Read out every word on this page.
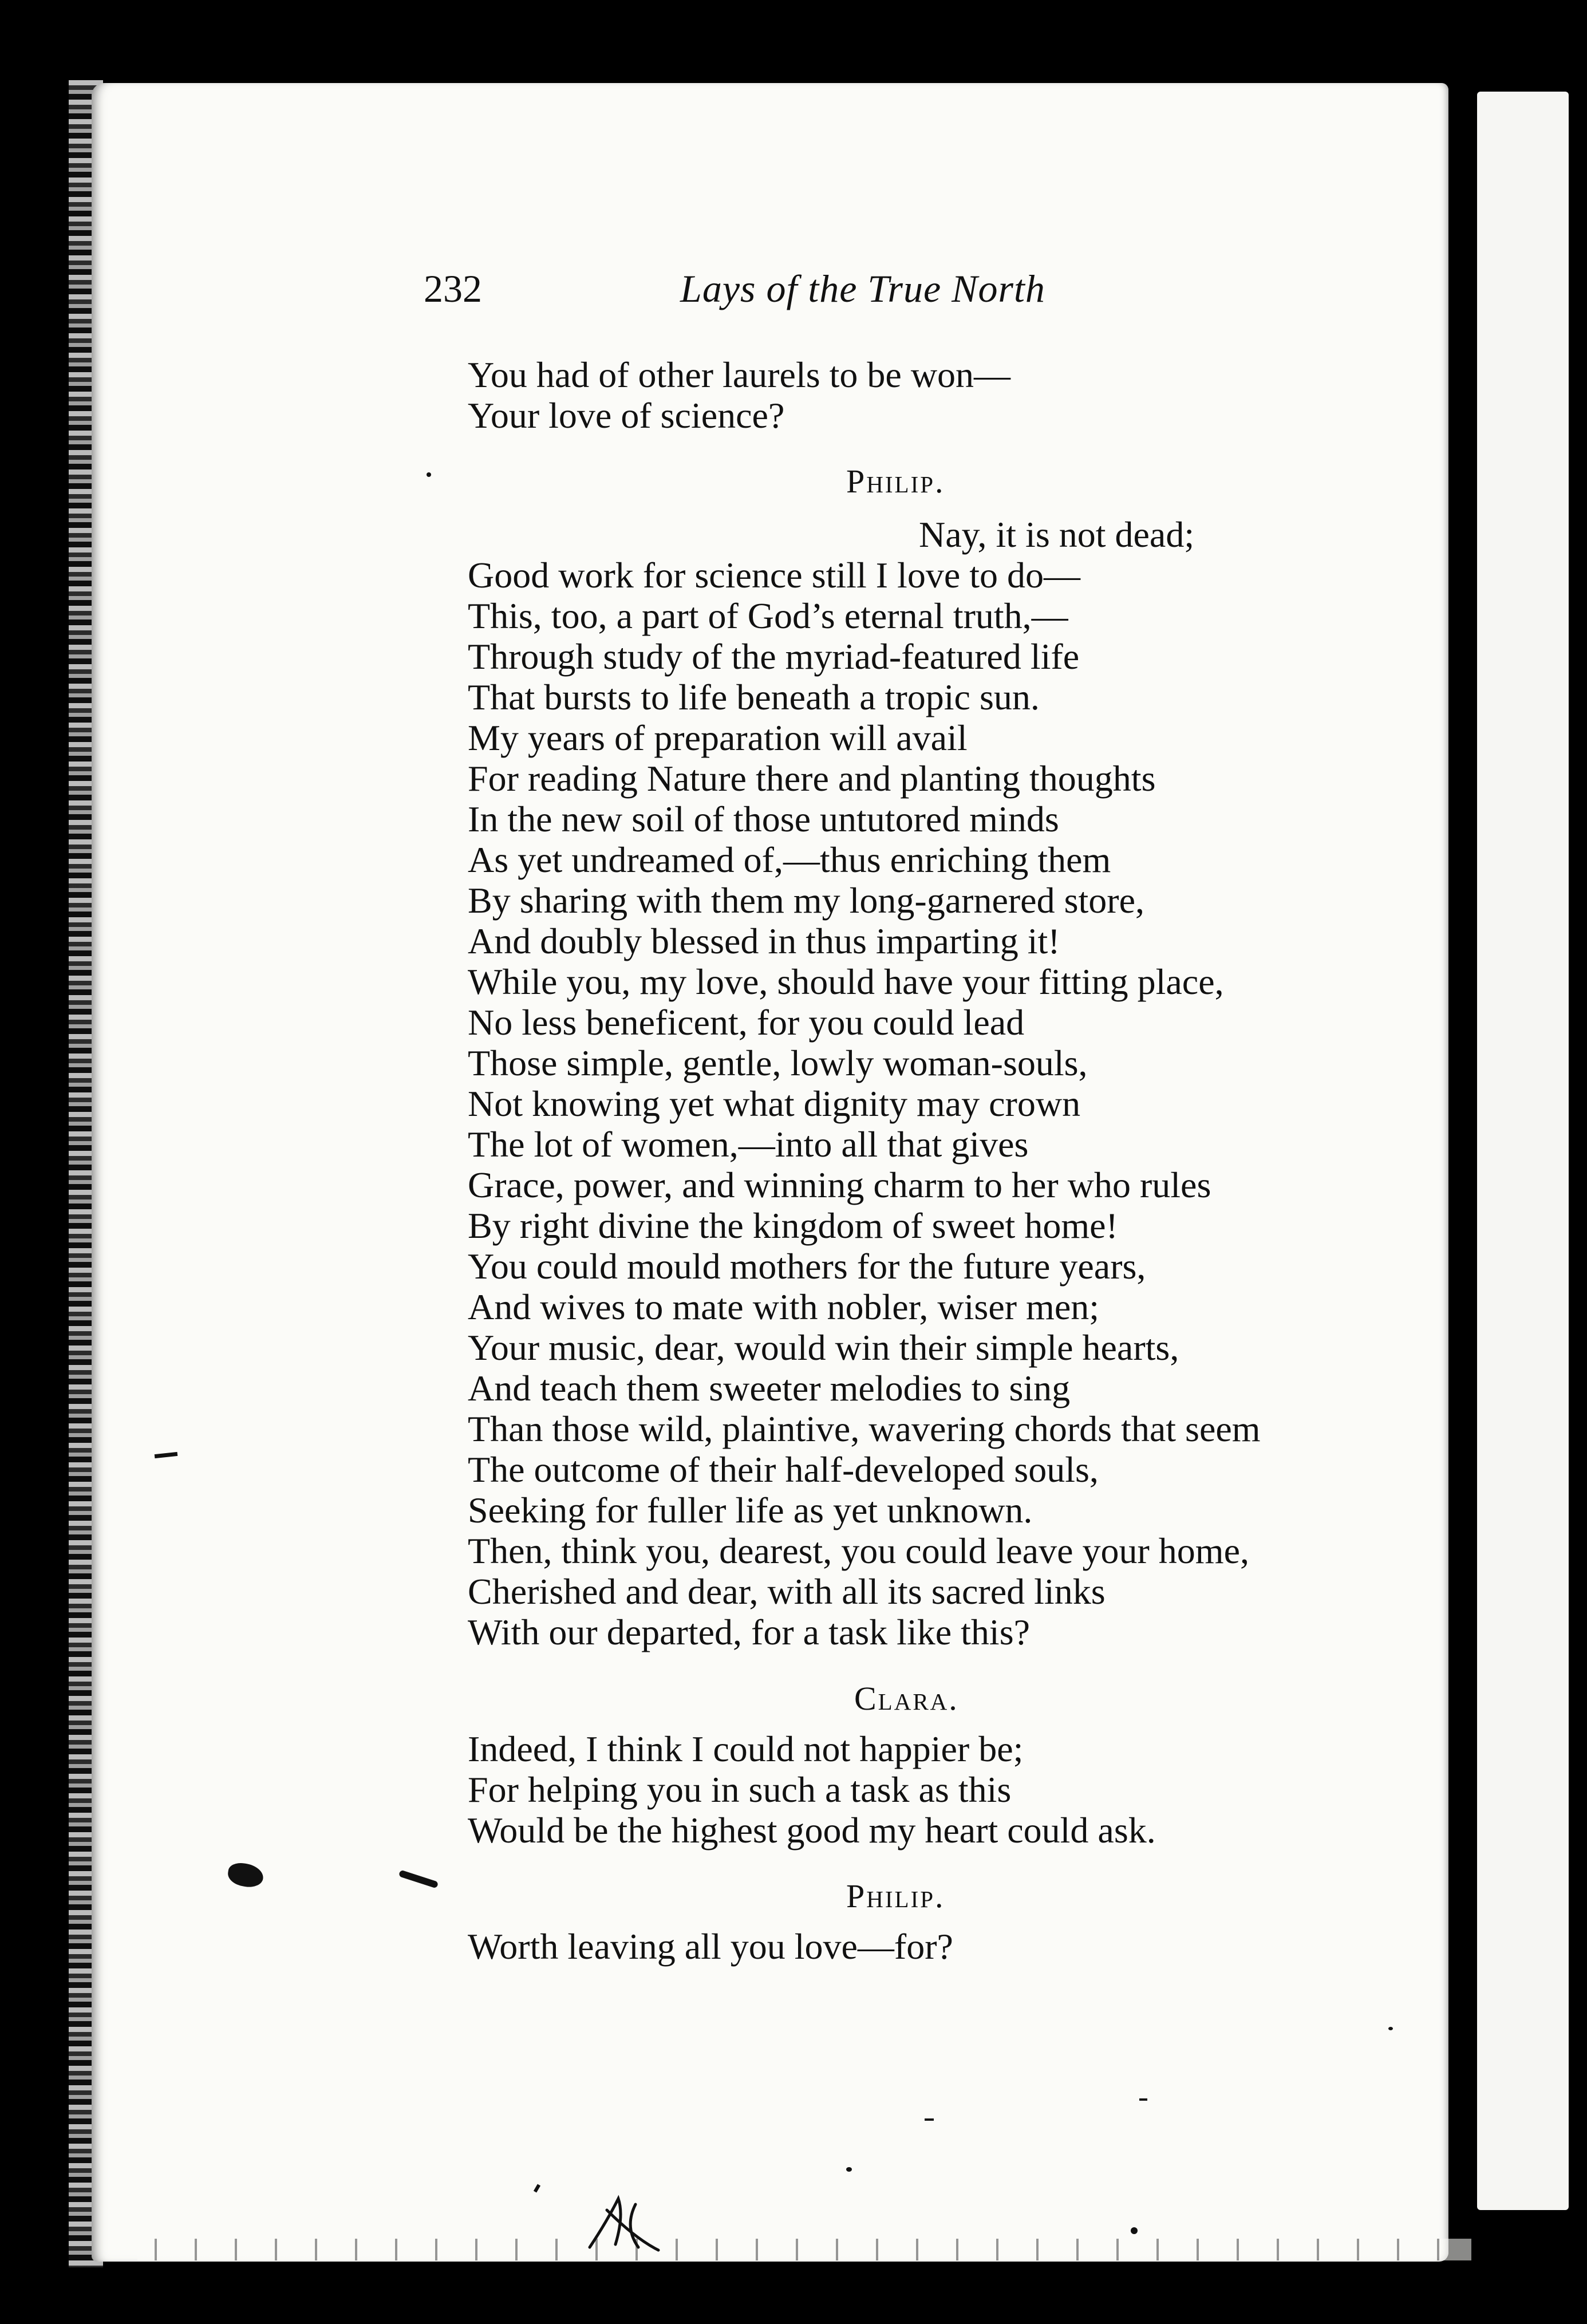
232	Lays of the True North
You had of other laurels to be won—
Your love of science?
Philip.
Nay, it is not dead;
Good work for science still I love to do—
This, too, a part of God’s eternal truth,—
Through study of the myriad-featured life
That bursts to life beneath a tropic sun.
My years of preparation will avail
For reading Nature there and planting thoughts
In the new soil of those untutored minds
As yet undreamed of,—thus enriching them
By sharing with them my long-garnered store,
And doubly blessed in thus imparting it!
While you, my love, should have your fitting place,
No less beneficent, for you could lead
Those simple, gentle, lowly woman-souls,
Not knowing yet what dignity may crown
The lot of women,—into all that gives
Grace, power, and winning charm to her who rules
By right divine the kingdom of sweet home!
You could mould mothers for the future years,
And wives to mate with nobler, wiser men;
Your music, dear, would win their simple hearts,
And teach them sweeter melodies to sing
Than those wild, plaintive, wavering chords that seem
The outcome of their half-developed souls,
Seeking for fuller life as yet unknown.
Then, think you, dearest, you could leave your home,
Cherished and dear, with all its sacred links
With our departed, for a task like this?
Clara.
Indeed, I think I could not happier be;
For helping you in such a task as this
Would be the highest good my heart could ask.
Philip.
Worth leaving all you love—for?
